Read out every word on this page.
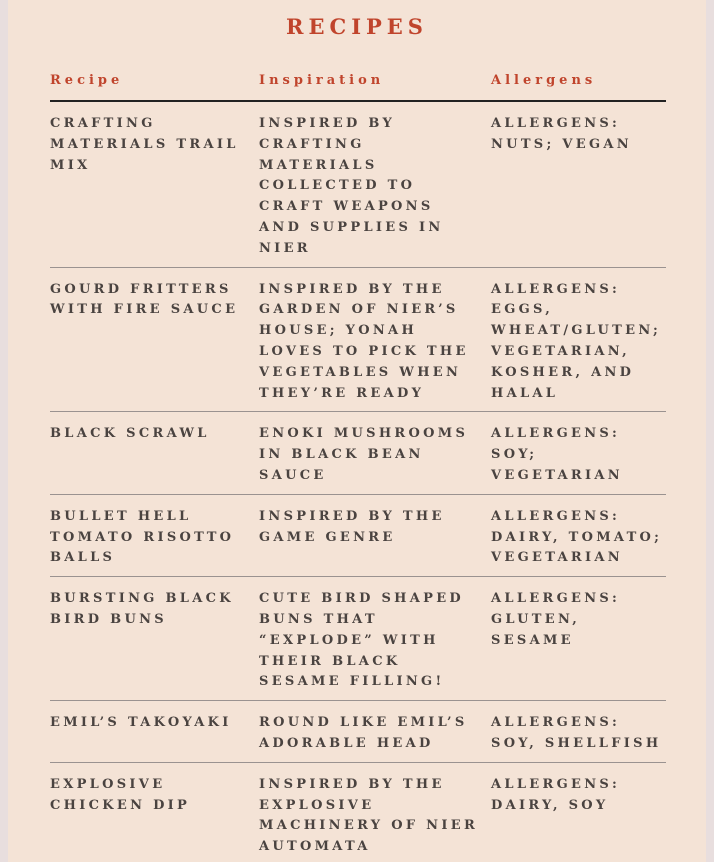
RECIPES
Recipe	Inspiration	Allergens
CRAFTING MATERIALS TRAIL MIX	INSPIRED BY CRAFTING MATERIALS COLLECTED TO CRAFT WEAPONS AND SUPPLIES IN NIER	ALLERGENS: NUTS; VEGAN
GOURD FRITTERS WITH FIRE SAUCE	INSPIRED BY THE GARDEN OF NIER’S HOUSE; YONAH LOVES TO PICK THE VEGETABLES WHEN THEY’RE READY	ALLERGENS: EGGS, WHEAT/GLUTEN; VEGETARIAN, KOSHER, AND HALAL
BLACK SCRAWL	ENOKI MUSHROOMS IN BLACK BEAN SAUCE	ALLERGENS: SOY; VEGETARIAN
BULLET HELL TOMATO RISOTTO BALLS	INSPIRED BY THE GAME GENRE	ALLERGENS: DAIRY, TOMATO; VEGETARIAN
BURSTING BLACK BIRD BUNS	CUTE BIRD SHAPED BUNS THAT “EXPLODE” WITH THEIR BLACK SESAME FILLING!	ALLERGENS: GLUTEN, SESAME
EMIL’S TAKOYAKI	ROUND LIKE EMIL’S ADORABLE HEAD	ALLERGENS: SOY, SHELLFISH
EXPLOSIVE CHICKEN DIP	INSPIRED BY THE EXPLOSIVE MACHINERY OF NIER AUTOMATA	ALLERGENS: DAIRY, SOY
